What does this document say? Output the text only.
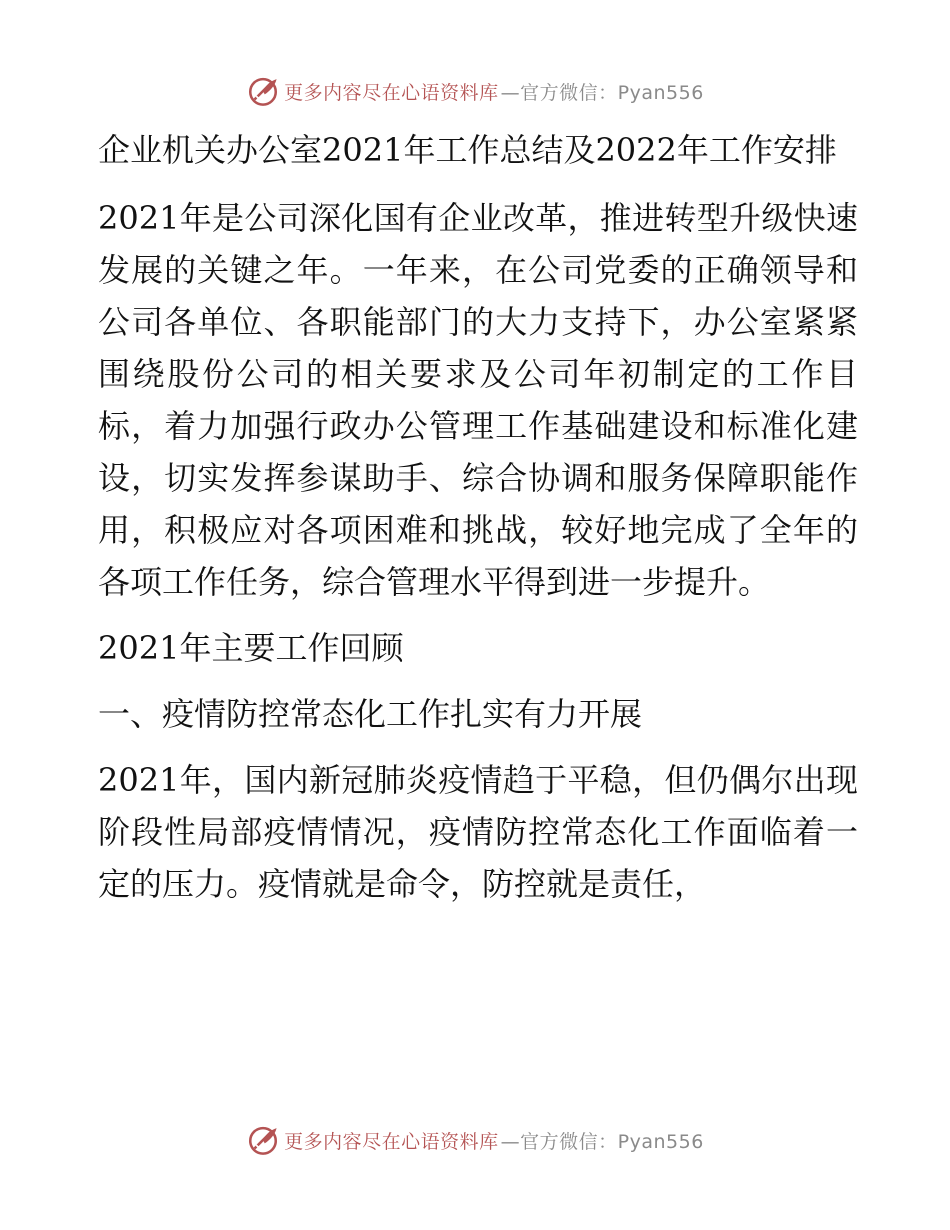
更多内容尽在心语资料库 —官方微信：Pyan556

企业机关办公室2021年工作总结及2022年工作安排

2021年是公司深化国有企业改革，推进转型升级快速发展的关键之年。一年来，在公司党委的正确领导和公司各单位、各职能部门的大力支持下，办公室紧紧围绕股份公司的相关要求及公司年初制定的工作目标，着力加强行政办公管理工作基础建设和标准化建设，切实发挥参谋助手、综合协调和服务保障职能作用，积极应对各项困难和挑战，较好地完成了全年的各项工作任务，综合管理水平得到进一步提升。

2021年主要工作回顾

一、疫情防控常态化工作扎实有力开展

2021年，国内新冠肺炎疫情趋于平稳，但仍偶尔出现阶段性局部疫情情况，疫情防控常态化工作面临着一定的压力。疫情就是命令，防控就是责任，

更多内容尽在心语资料库 —官方微信：Pyan556
